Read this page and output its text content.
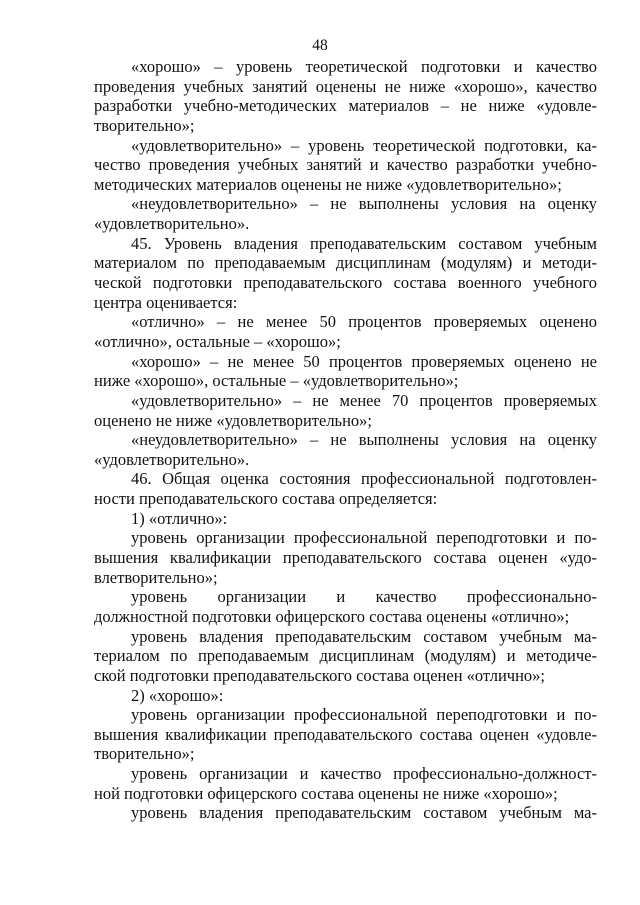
48
«хорошо» – уровень теоретической подготовки и качество
проведения учебных занятий оценены не ниже «хорошо», качество
разработки учебно-методических материалов – не ниже «удовле-
творительно»;
«удовлетворительно» – уровень теоретической подготовки, ка-
чество проведения учебных занятий и качество разработки учебно-
методических материалов оценены не ниже «удовлетворительно»;
«неудовлетворительно» – не выполнены условия на оценку
«удовлетворительно».
45. Уровень владения преподавательским составом учебным
материалом по преподаваемым дисциплинам (модулям) и методи-
ческой подготовки преподавательского состава военного учебного
центра оценивается:
«отлично» – не менее 50 процентов проверяемых оценено
«отлично», остальные – «хорошо»;
«хорошо» – не менее 50 процентов проверяемых оценено не
ниже «хорошо», остальные – «удовлетворительно»;
«удовлетворительно» – не менее 70 процентов проверяемых
оценено не ниже «удовлетворительно»;
«неудовлетворительно» – не выполнены условия на оценку
«удовлетворительно».
46. Общая оценка состояния профессиональной подготовлен-
ности преподавательского состава определяется:
1) «отлично»:
уровень организации профессиональной переподготовки и по-
вышения квалификации преподавательского состава оценен «удо-
влетворительно»;
уровень организации и качество профессионально-
должностной подготовки офицерского состава оценены «отлично»;
уровень владения преподавательским составом учебным ма-
териалом по преподаваемым дисциплинам (модулям) и методиче-
ской подготовки преподавательского состава оценен «отлично»;
2) «хорошо»:
уровень организации профессиональной переподготовки и по-
вышения квалификации преподавательского состава оценен «удовле-
творительно»;
уровень организации и качество профессионально-должност-
ной подготовки офицерского состава оценены не ниже «хорошо»;
уровень владения преподавательским составом учебным ма-
